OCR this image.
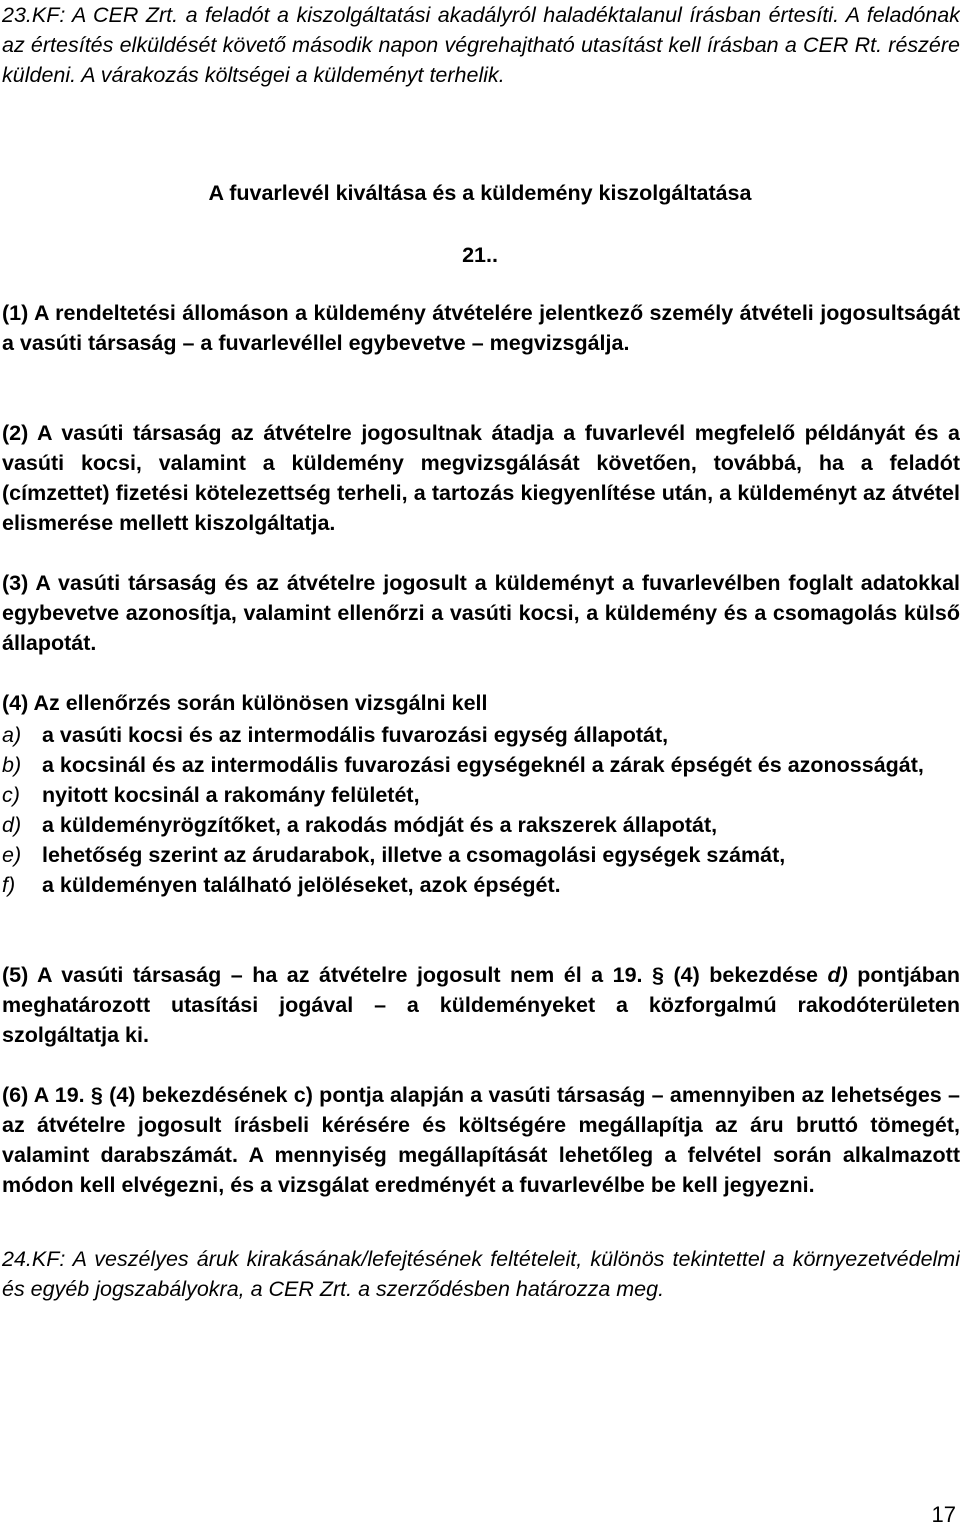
23.KF: A CER Zrt. a feladót a kiszolgáltatási akadályról haladéktalanul írásban értesíti. A feladónak az értesítés elküldését követő második napon végrehajtható utasítást kell írásban a CER Rt. részére küldeni. A várakozás költségei a küldeményt terhelik.

A fuvarlevél kiváltása és a küldemény kiszolgáltatása

21..

(1) A rendeltetési állomáson a küldemény átvételére jelentkező személy átvételi jogosultságát a vasúti társaság – a fuvarlevéllel egybevetve – megvizsgálja.

(2) A vasúti társaság az átvételre jogosultnak átadja a fuvarlevél megfelelő példányát és a vasúti kocsi, valamint a küldemény megvizsgálását követően, továbbá, ha a feladót (címzettet) fizetési kötelezettség terheli, a tartozás kiegyenlítése után, a küldeményt az átvétel elismerése mellett kiszolgáltatja.

(3) A vasúti társaság és az átvételre jogosult a küldeményt a fuvarlevélben foglalt adatokkal egybevetve azonosítja, valamint ellenőrzi a vasúti kocsi, a küldemény és a csomagolás külső állapotát.

(4) Az ellenőrzés során különösen vizsgálni kell

a) a vasúti kocsi és az intermodális fuvarozási egység állapotát,
b) a kocsinál és az intermodális fuvarozási egységeknél a zárak épségét és azonosságát,
c)	nyitott kocsinál a rakomány felületét,
d) a küldeményrögzítőket, a rakodás módját és a rakszerek állapotát,
e) lehetőség szerint az árudarabok, illetve a csomagolási egységek számát,
f)	a küldeményen található jelöléseket, azok épségét.

(5) A vasúti társaság – ha az átvételre jogosult nem él a 19. § (4) bekezdése d) pontjában meghatározott utasítási jogával – a küldeményeket a közforgalmú rakodóterületen szolgáltatja ki.

(6) A 19. § (4) bekezdésének c) pontja alapján a vasúti társaság – amennyiben az lehetséges – az átvételre jogosult írásbeli kérésére és költségére megállapítja az áru bruttó tömegét, valamint darabszámát. A mennyiség megállapítását lehetőleg a felvétel során alkalmazott módon kell elvégezni, és a vizsgálat eredményét a fuvarlevélbe be kell jegyezni.

24.KF: A veszélyes áruk kirakásának/lefejtésének feltételeit, különös tekintettel a környezetvédelmi és egyéb jogszabályokra, a CER Zrt. a szerződésben határozza meg.

17
